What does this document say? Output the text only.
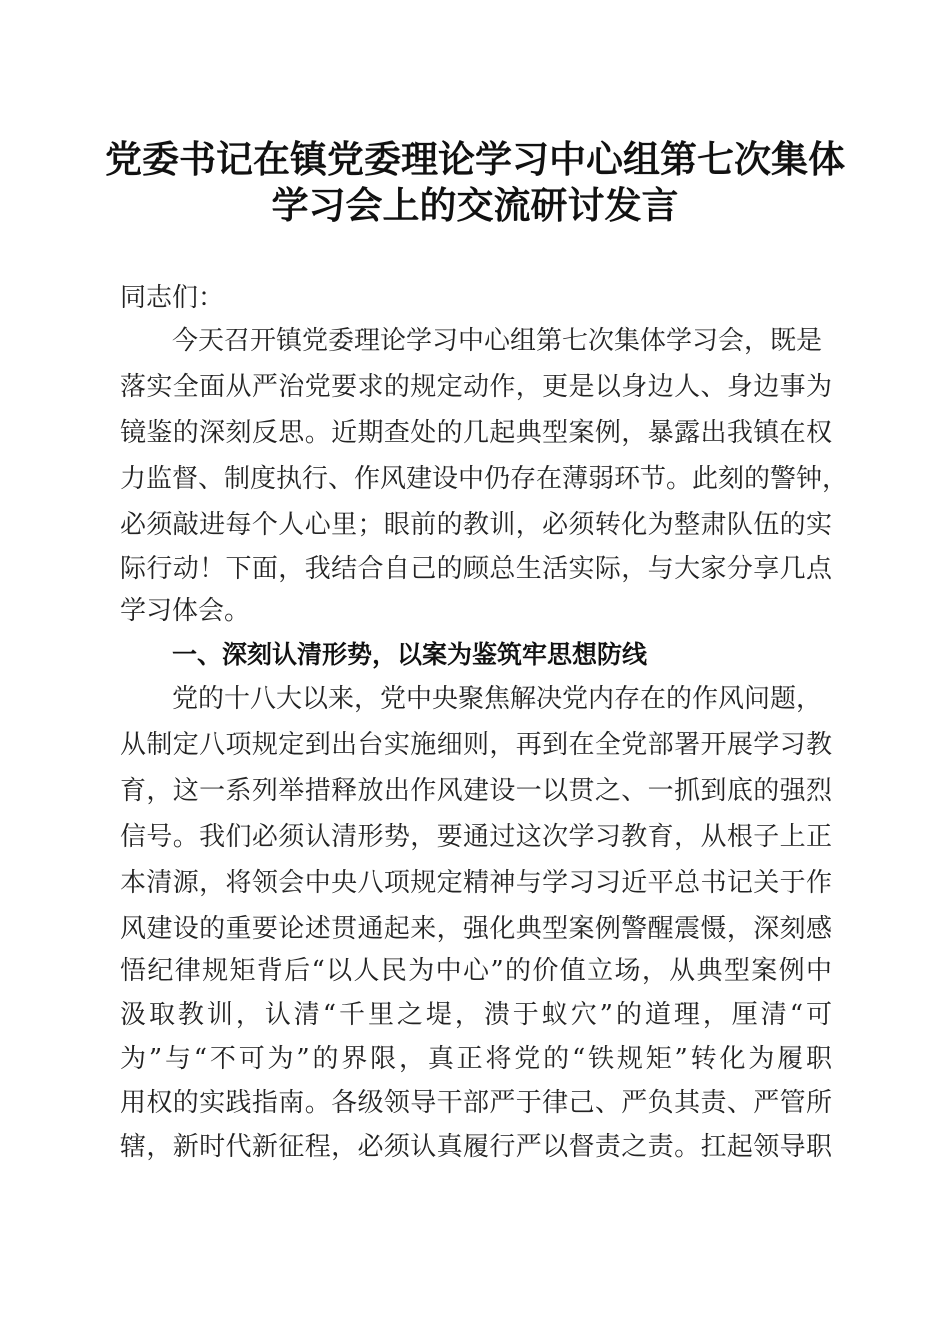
党委书记在镇党委理论学习中心组第七次集体
学习会上的交流研讨发言
同志们：
今天召开镇党委理论学习中心组第七次集体学习会，既是
落实全面从严治党要求的规定动作，更是以身边人、身边事为
镜鉴的深刻反思。近期查处的几起典型案例，暴露出我镇在权
力监督、制度执行、作风建设中仍存在薄弱环节。此刻的警钟，
必须敲进每个人心里；眼前的教训，必须转化为整肃队伍的实
际行动！下面，我结合自己的顾总生活实际，与大家分享几点
学习体会。
一、深刻认清形势，以案为鉴筑牢思想防线
党的十八大以来，党中央聚焦解决党内存在的作风问题，
从制定八项规定到出台实施细则，再到在全党部署开展学习教
育，这一系列举措释放出作风建设一以贯之、一抓到底的强烈
信号。我们必须认清形势，要通过这次学习教育，从根子上正
本清源，将领会中央八项规定精神与学习习近平总书记关于作
风建设的重要论述贯通起来，强化典型案例警醒震慑，深刻感
悟纪律规矩背后“以人民为中心”的价值立场，从典型案例中
汲取教训，认清“千里之堤，溃于蚁穴”的道理，厘清“可
为”与“不可为”的界限，真正将党的“铁规矩”转化为履职
用权的实践指南。各级领导干部严于律己、严负其责、严管所
辖，新时代新征程，必须认真履行严以督责之责。扛起领导职
